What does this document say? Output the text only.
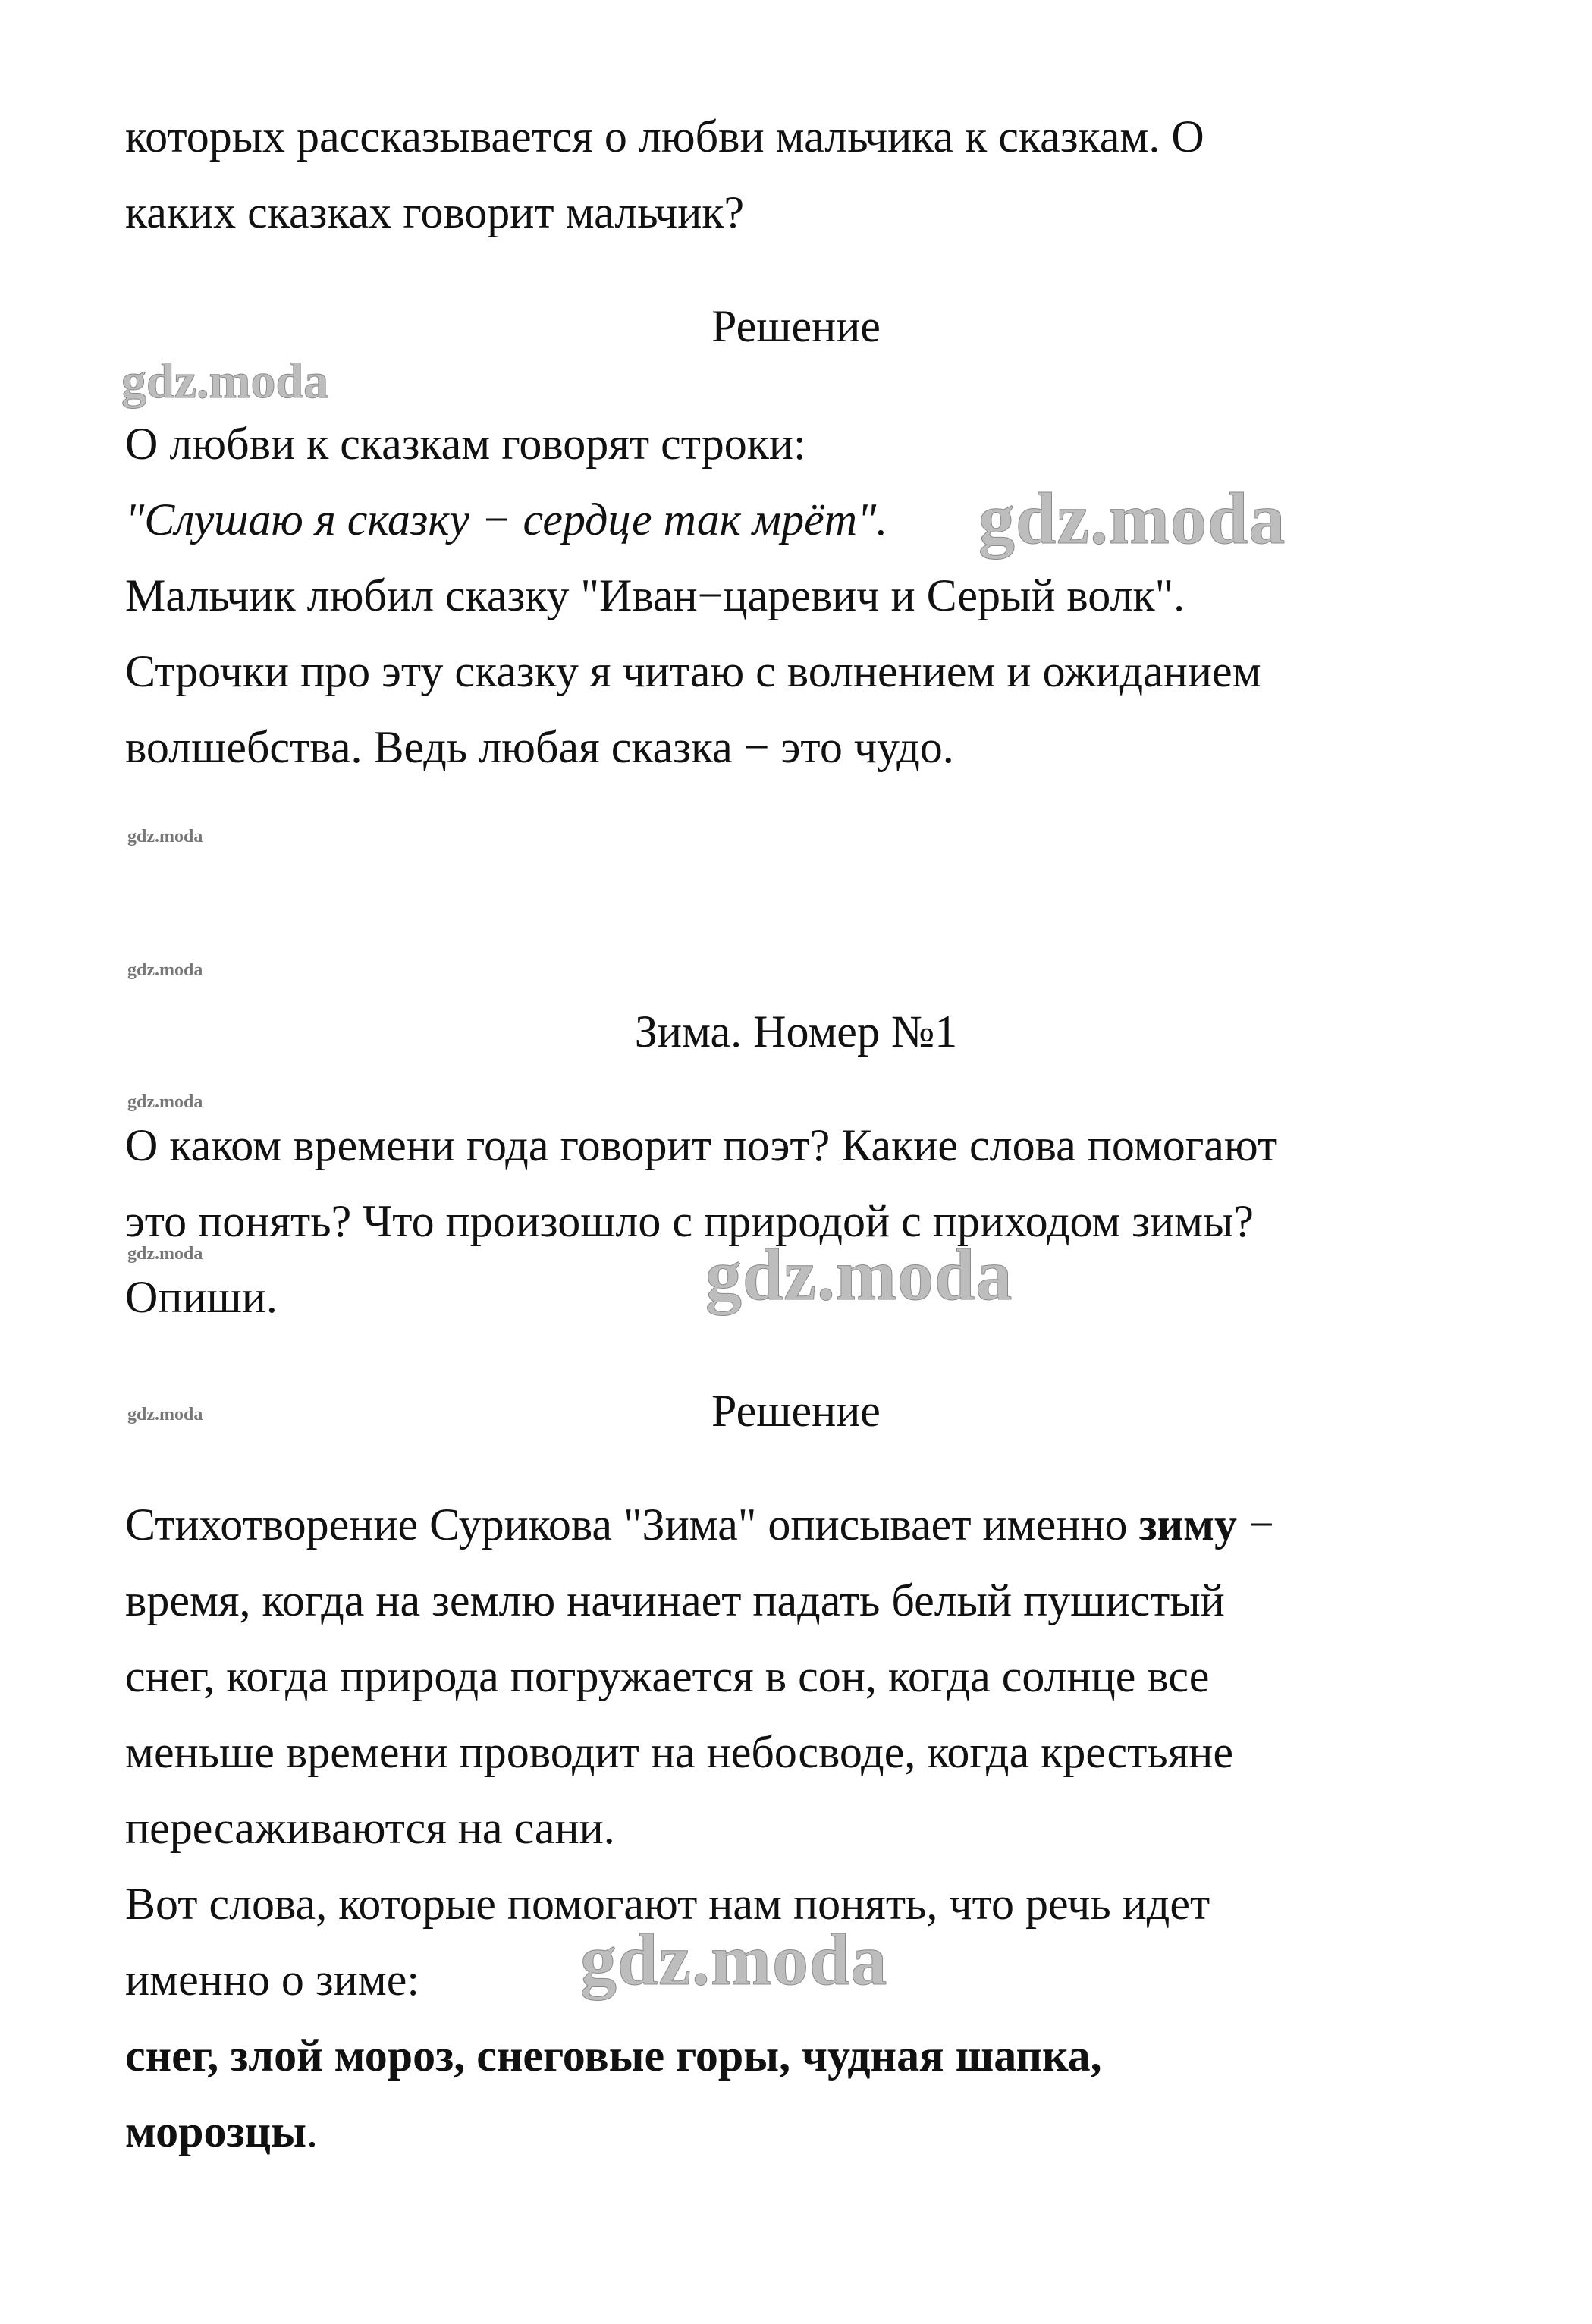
которых рассказывается о любви мальчика к сказкам. О

каких сказках говорит мальчик?

Решение

gdz.moda

О любви к сказкам говорят строки:

"Слушаю я сказку − сердце так мрёт". gdz.moda

Мальчик любил сказку "Иван−царевич и Серый волк".

Строчки про эту сказку я читаю с волнением и ожиданием

волшебства. Ведь любая сказка − это чудо.

gdz.moda
gdz.moda

Зима. Номер №1

gdz.moda

О каком времени года говорит поэт? Какие слова помогают

это понять? Что произошло с природой с приходом зимы?

gdz.moda

Опиши.	gdz.moda
gdz.moda	Решение

Стихотворение Сурикова "Зима" описывает именно зиму −

время, когда на землю начинает падать белый пушистый

снег, когда природа погружается в сон, когда солнце все

меньше времени проводит на небосводе, когда крестьяне

пересаживаются на сани.

Вот слова, которые помогают нам понять, что речь идет

именно о зиме: gdz.moda

снег, злой мороз, снеговые горы, чудная шапка,

морозцы.
